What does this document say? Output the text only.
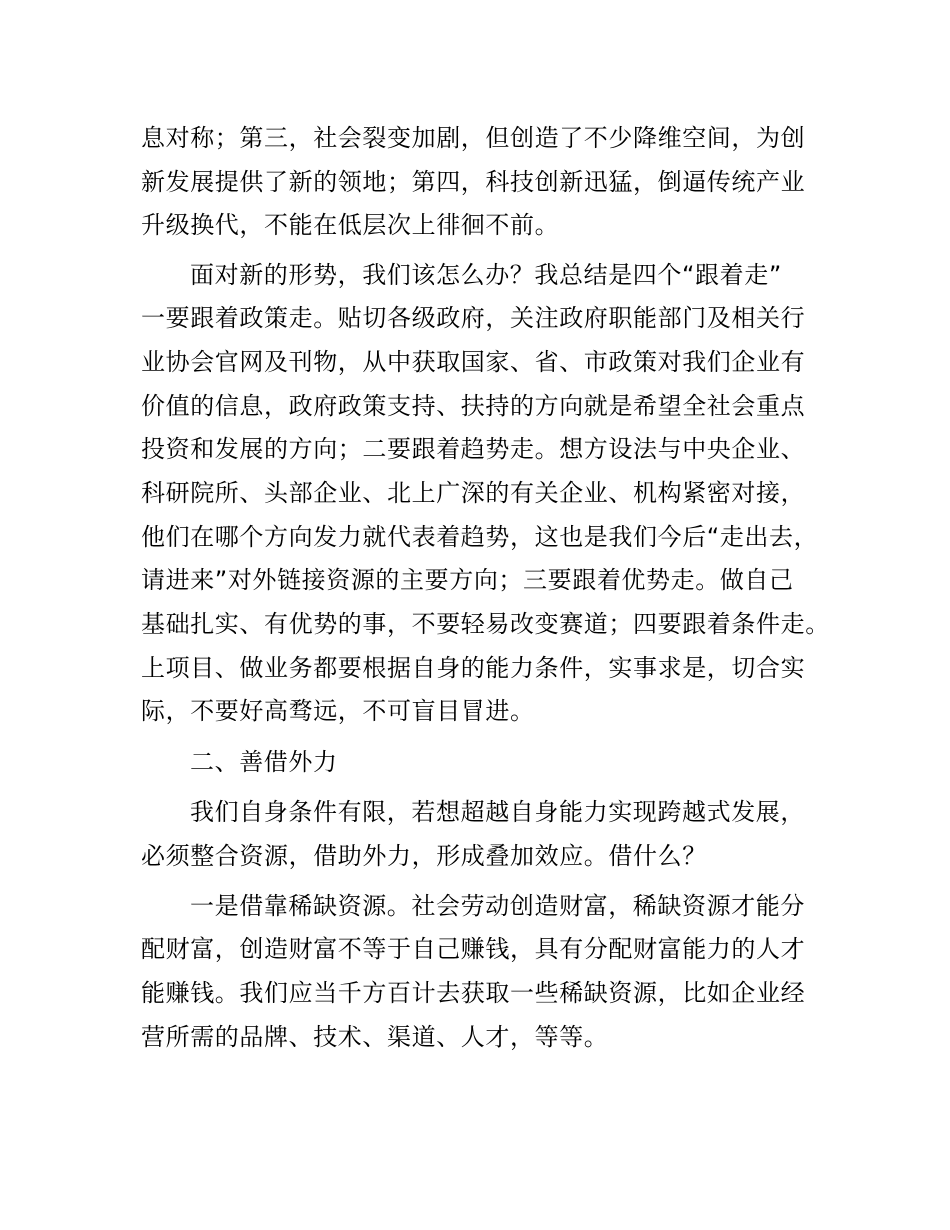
息对称；第三，社会裂变加剧，但创造了不少降维空间，为创
新发展提供了新的领地；第四，科技创新迅猛，倒逼传统产业
升级换代，不能在低层次上徘徊不前。
面对新的形势，我们该怎么办？我总结是四个“跟着走”
一要跟着政策走。贴切各级政府，关注政府职能部门及相关行
业协会官网及刊物，从中获取国家、省、市政策对我们企业有
价值的信息，政府政策支持、扶持的方向就是希望全社会重点
投资和发展的方向；二要跟着趋势走。想方设法与中央企业、
科研院所、头部企业、北上广深的有关企业、机构紧密对接，
他们在哪个方向发力就代表着趋势，这也是我们今后“走出去，
请进来”对外链接资源的主要方向；三要跟着优势走。做自己
基础扎实、有优势的事，不要轻易改变赛道；四要跟着条件走。
上项目、做业务都要根据自身的能力条件，实事求是，切合实
际，不要好高骛远，不可盲目冒进。
二、善借外力
我们自身条件有限，若想超越自身能力实现跨越式发展，
必须整合资源，借助外力，形成叠加效应。借什么？
一是借靠稀缺资源。社会劳动创造财富，稀缺资源才能分
配财富，创造财富不等于自己赚钱，具有分配财富能力的人才
能赚钱。我们应当千方百计去获取一些稀缺资源，比如企业经
营所需的品牌、技术、渠道、人才，等等。
